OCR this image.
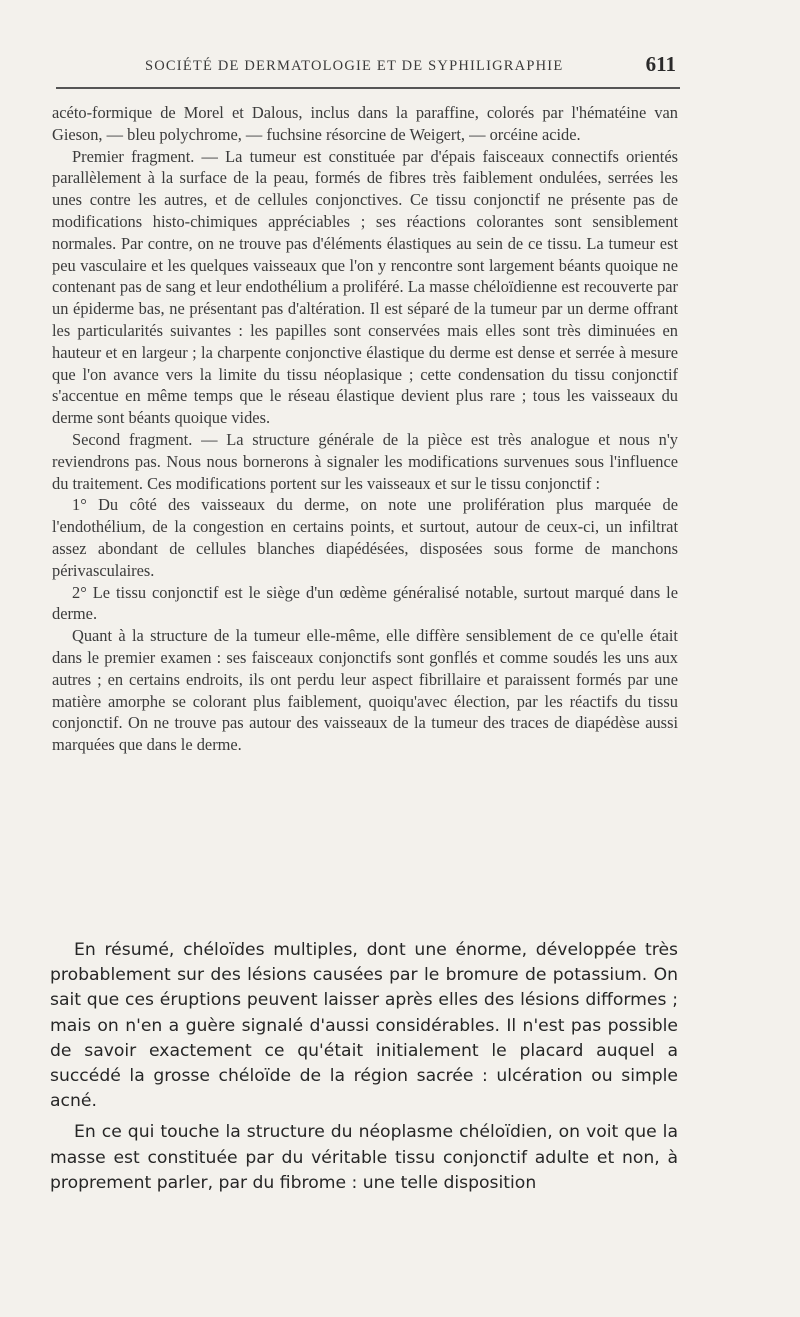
SOCIÉTÉ DE DERMATOLOGIE ET DE SYPHILIGRAPHIE	611

acéto-formique de Morel et Dalous, inclus dans la paraffine, colorés par l'hématéine van Gieson, — bleu polychrome, — fuchsine résorcine de Weigert, — orcéine acide.

Premier fragment. — La tumeur est constituée par d'épais faisceaux connectifs orientés parallèlement à la surface de la peau, formés de fibres très faiblement ondulées, serrées les unes contre les autres, et de cellules conjonctives. Ce tissu conjonctif ne présente pas de modifications histo-chimiques appréciables ; ses réactions colorantes sont sensiblement normales. Par contre, on ne trouve pas d'éléments élastiques au sein de ce tissu. La tumeur est peu vasculaire et les quelques vaisseaux que l'on y rencontre sont largement béants quoique ne contenant pas de sang et leur endothélium a proliféré. La masse chéloïdienne est recouverte par un épiderme bas, ne présentant pas d'altération. Il est séparé de la tumeur par un derme offrant les particularités suivantes : les papilles sont conservées mais elles sont très diminuées en hauteur et en largeur ; la charpente conjonctive élastique du derme est dense et serrée à mesure que l'on avance vers la limite du tissu néoplasique ; cette condensation du tissu conjonctif s'accentue en même temps que le réseau élastique devient plus rare ; tous les vaisseaux du derme sont béants quoique vides.

Second fragment. — La structure générale de la pièce est très analogue et nous n'y reviendrons pas. Nous nous bornerons à signaler les modifications survenues sous l'influence du traitement. Ces modifications portent sur les vaisseaux et sur le tissu conjonctif :

1° Du côté des vaisseaux du derme, on note une prolifération plus marquée de l'endothélium, de la congestion en certains points, et surtout, autour de ceux-ci, un infiltrat assez abondant de cellules blanches diapédésées, disposées sous forme de manchons périvasculaires.

2° Le tissu conjonctif est le siège d'un œdème généralisé notable, surtout marqué dans le derme.

Quant à la structure de la tumeur elle-même, elle diffère sensiblement de ce qu'elle était dans le premier examen : ses faisceaux conjonctifs sont gonflés et comme soudés les uns aux autres ; en certains endroits, ils ont perdu leur aspect fibrillaire et paraissent formés par une matière amorphe se colorant plus faiblement, quoiqu'avec élection, par les réactifs du tissu conjonctif. On ne trouve pas autour des vaisseaux de la tumeur des traces de diapédèse aussi marquées que dans le derme.

En résumé, chéloïdes multiples, dont une énorme, développée très probablement sur des lésions causées par le bromure de potassium. On sait que ces éruptions peuvent laisser après elles des lésions difformes ; mais on n'en a guère signalé d'aussi considérables. Il n'est pas possible de savoir exactement ce qu'était initialement le placard auquel a succédé la grosse chéloïde de la région sacrée : ulcération ou simple acné.

En ce qui touche la structure du néoplasme chéloïdien, on voit que la masse est constituée par du véritable tissu conjonctif adulte et non, à proprement parler, par du fibrome : une telle disposition
